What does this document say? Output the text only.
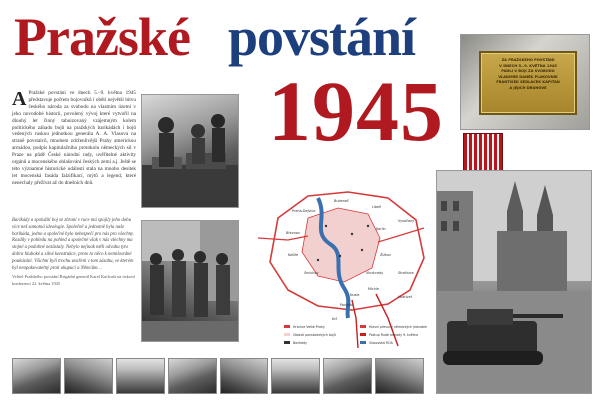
Pražské povstání
1945
A Pražské povstání ve dnech 5.–9. května 1945 představuje počtem bojovníků i obětí největší bitvu českého národa za svobodu na vlastním území v jeho novodobé historii, povolený vývoj které vytvořil na dlouhý let činný tabuizovaný vzájemným kolem politického záhadu bojů na pražských barikádách i bojů vedených ruskou jednotkou generála A. A. Vlasova na straně povstalců, mnohem zdrženlivější Prahy americkou armádou, podpis kapitulačního protokolu německých sil v Praze na půdě České národní rady, uvěřitelné aktivity orgánů a mocenského ohlašování českých zemí a.j. Ještě se této významné historické události stala na mnoho desítek let mocenská fasáda falzifikací, mýtů a legend, které nenechaly přežívat až do dnešních dnů.
Barikády a spolužití boj se zbraní v ruce má spojily jeho dobu více než samotná ideologie. Společně a jednotně byla naše barikáda, jedno a společné bylo nebezpečí pro nás pro všechny. Rozdíly v pohledu na pohled a společné však v nás všechny ma stojné a podobné nezůstaly. Nebylo nejinak měli odvahu tyto dobra hluboké a silné konstrukce, proto to něco k nemilosrdné poukázání. Všichni byli trochu uvařeni v tom zásahu, ve kterém byl neopakovatelný proti okupaci a Němcům…
Velitel Pražského povstání Brigádní generál Karel Kutlvašr na tiskové konferenci 22. května 1945
Praha-Dejvice
Bubeneč
Libeň
Karlín
Vysočany
Žižkov
Vinohrady
Smíchov
Nusle
Strašnice
Pankrác
Krč
Hostivař
Michle
Košíře
Břevnov
Hranice Velké Prahy
Oblasti povstaleckých bojů
Barikády
Hlavní přesuny německých jednotek
Postup Rudé armády 9. května
Vlasovská ROA
ZA PRAŽSKÉHO POVSTÁNÍ
V DNECH 5.–9. KVĚTNA 1945
PADLI V BOJI ZA SVOBODU
VLADIMÍR DANĚK PLUKOVNÍK
FRANTIŠEK SEDLÁČEK KAPITÁN
A JEJICH DRUHOVÉ
